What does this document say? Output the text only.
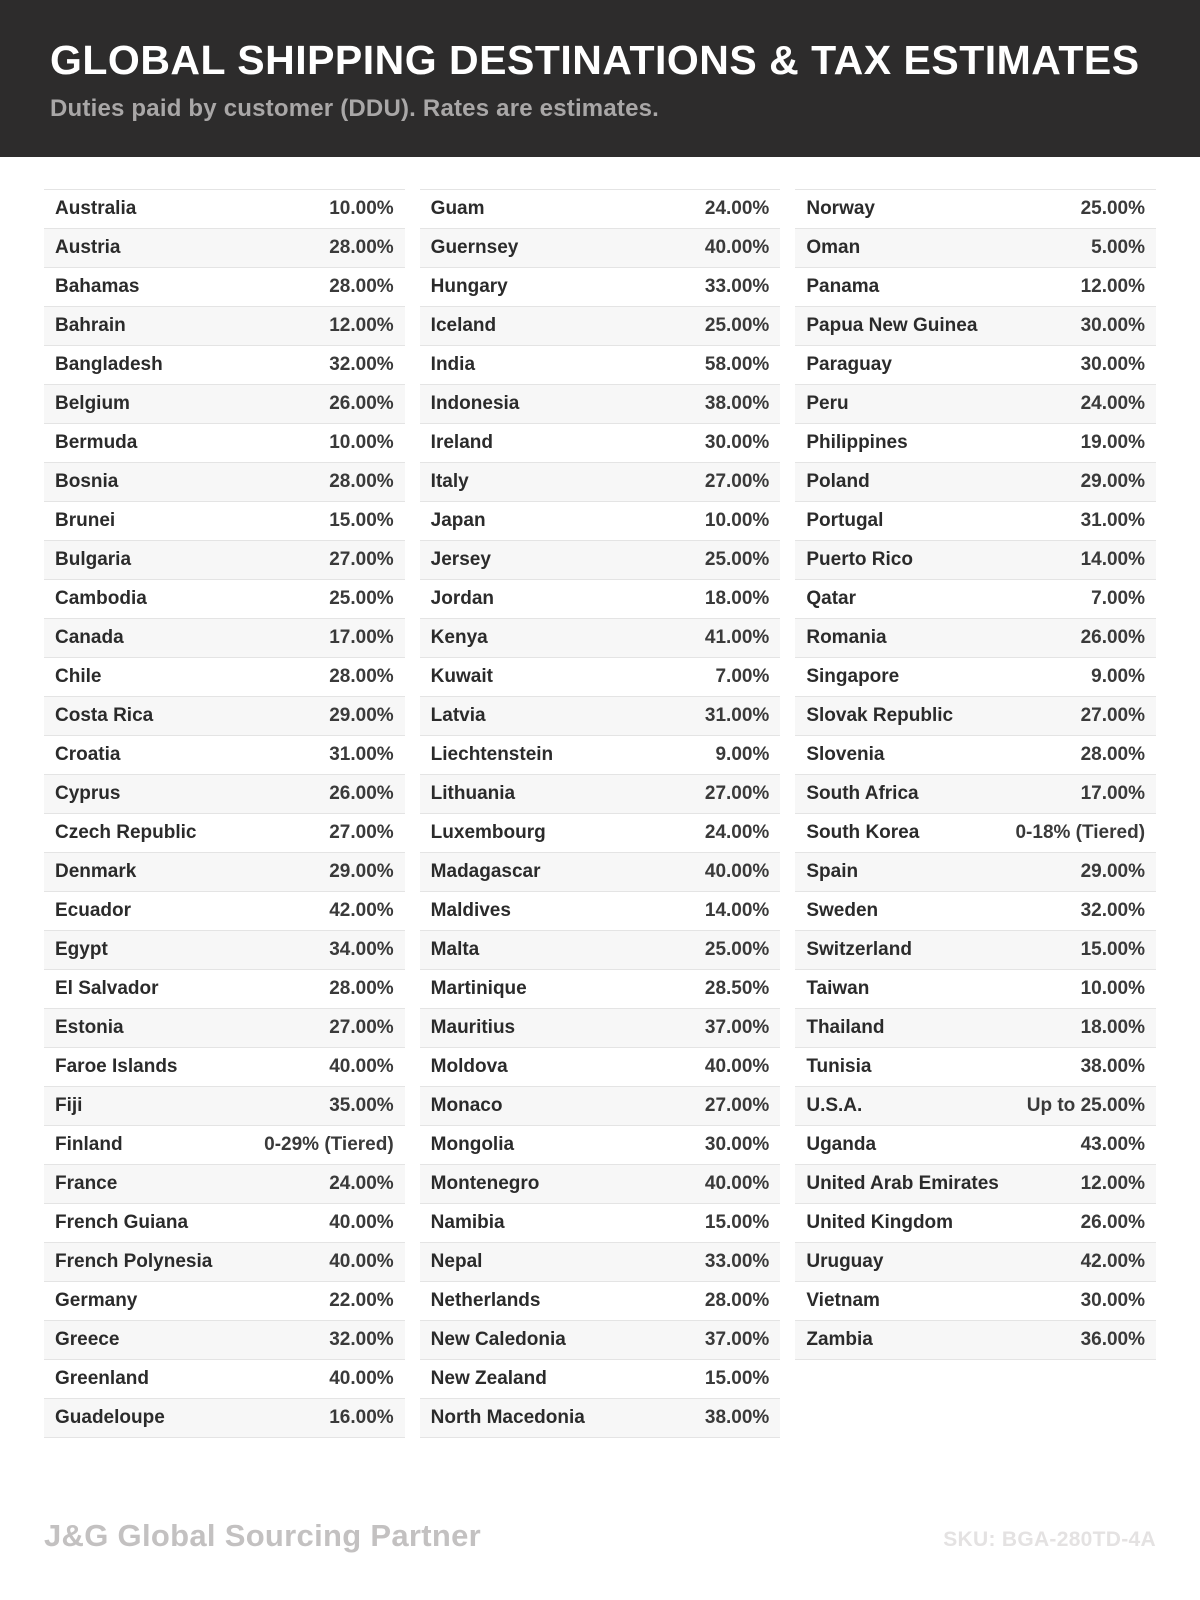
GLOBAL SHIPPING DESTINATIONS & TAX ESTIMATES

Duties paid by customer (DDU). Rates are estimates.

Australia	10.00%
Austria	28.00%
Bahamas	28.00%
Bahrain	12.00%
Bangladesh	32.00%
Belgium	26.00%
Bermuda	10.00%
Bosnia	28.00%
Brunei	15.00%
Bulgaria	27.00%
Cambodia	25.00%
Canada	17.00%
Chile	28.00%
Costa Rica	29.00%
Croatia	31.00%
Cyprus	26.00%
Czech Republic	27.00%
Denmark	29.00%
Ecuador	42.00%
Egypt	34.00%
El Salvador	28.00%
Estonia	27.00%
Faroe Islands	40.00%
Fiji	35.00%
Finland	0-29% (Tiered)
France	24.00%
French Guiana	40.00%
French Polynesia	40.00%
Germany	22.00%
Greece	32.00%
Greenland	40.00%
Guadeloupe	16.00%
Guam	24.00%
Guernsey	40.00%
Hungary	33.00%
Iceland	25.00%
India	58.00%
Indonesia	38.00%
Ireland	30.00%
Italy	27.00%
Japan	10.00%
Jersey	25.00%
Jordan	18.00%
Kenya	41.00%
Kuwait	7.00%
Latvia	31.00%
Liechtenstein	9.00%
Lithuania	27.00%
Luxembourg	24.00%
Madagascar	40.00%
Maldives	14.00%
Malta	25.00%
Martinique	28.50%
Mauritius	37.00%
Moldova	40.00%
Monaco	27.00%
Mongolia	30.00%
Montenegro	40.00%
Namibia	15.00%
Nepal	33.00%
Netherlands	28.00%
New Caledonia	37.00%
New Zealand	15.00%
North Macedonia	38.00%
Norway	25.00%
Oman	5.00%
Panama	12.00%
Papua New Guinea	30.00%
Paraguay	30.00%
Peru	24.00%
Philippines	19.00%
Poland	29.00%
Portugal	31.00%
Puerto Rico	14.00%
Qatar	7.00%
Romania	26.00%
Singapore	9.00%
Slovak Republic	27.00%
Slovenia	28.00%
South Africa	17.00%
South Korea	0-18% (Tiered)
Spain	29.00%
Sweden	32.00%
Switzerland	15.00%
Taiwan	10.00%
Thailand	18.00%
Tunisia	38.00%
U.S.A.	Up to 25.00%
Uganda	43.00%
United Arab Emirates	12.00%
United Kingdom	26.00%
Uruguay	42.00%
Vietnam	30.00%
Zambia	36.00%
J&G Global Sourcing Partner	SKU: BGA-280TD-4A
